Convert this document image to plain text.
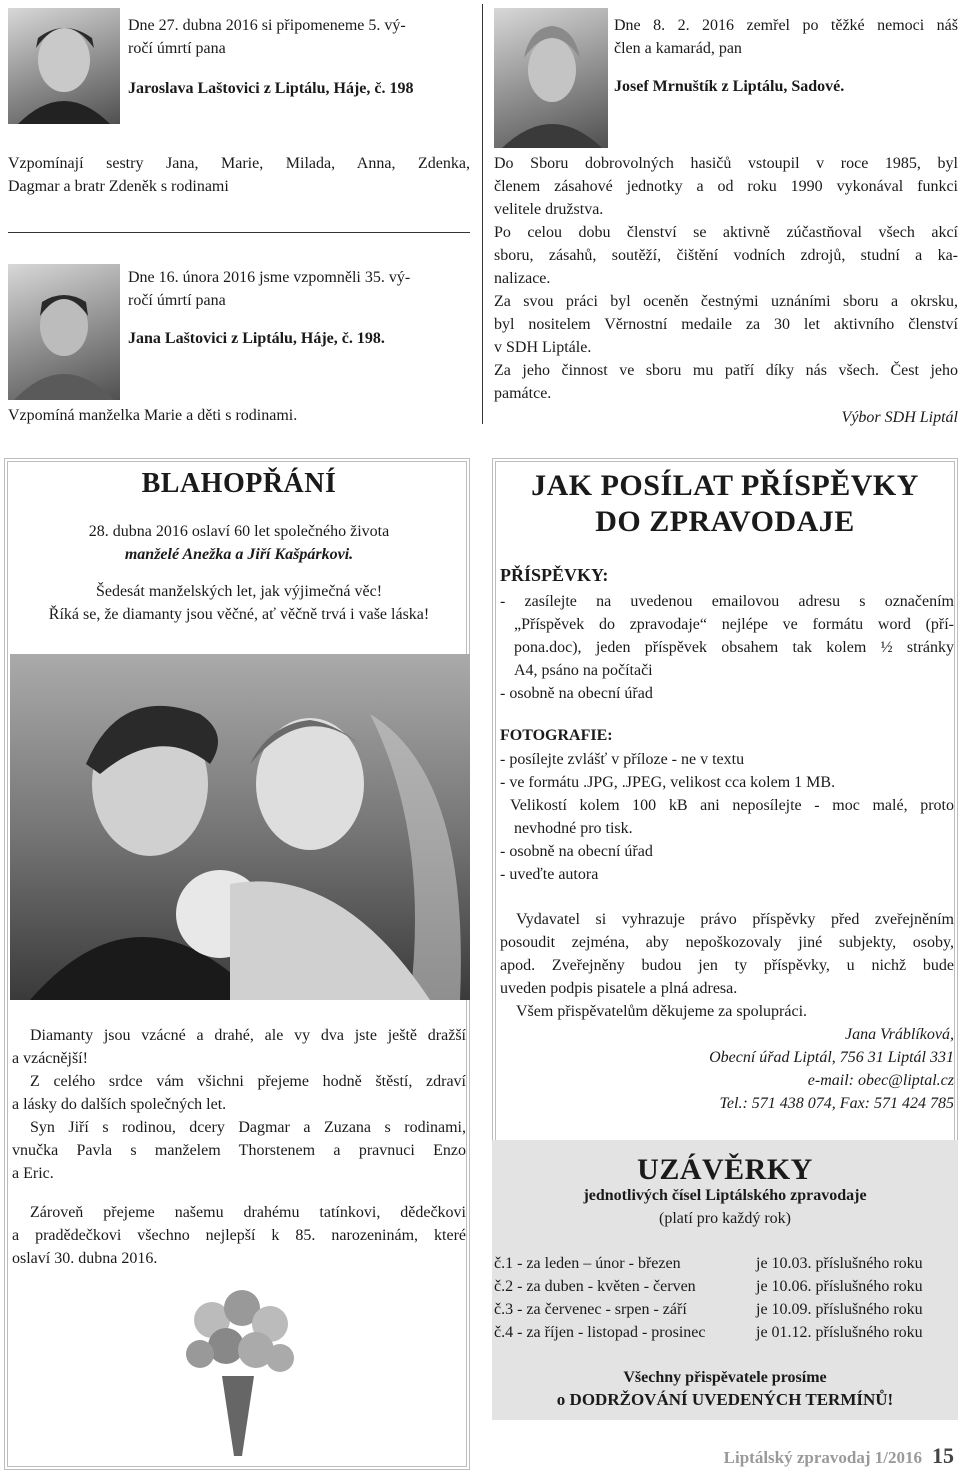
Dne 27. dubna 2016 si připomeneme 5. vý-
ročí úmrtí pana
Jaroslava Laštovici z Liptálu, Háje, č. 198
Vzpomínají sestry Jana, Marie, Milada, Anna, Zdenka,
Dagmar a bratr Zdeněk s rodinami
Dne 16. února 2016 jsme vzpomněli 35. vý-
ročí úmrtí pana
Jana Laštovici z Liptálu, Háje, č. 198.
Vzpomíná manželka Marie a děti s rodinami.
Dne 8. 2. 2016 zemřel po těžké nemoci náš
člen a kamarád, pan
Josef Mrnuštík z Liptálu, Sadové.
Do Sboru dobrovolných hasičů vstoupil v roce 1985, byl
členem zásahové jednotky a od roku 1990 vykonával funkci
velitele družstva.
Po celou dobu členství se aktivně zúčastňoval všech akcí
sboru, zásahů, soutěží, čištění vodních zdrojů, studní a ka-
nalizace.
Za svou práci byl oceněn čestnými uznáními sboru a okrsku,
byl nositelem Věrnostní medaile za 30 let aktivního členství
v SDH Liptále.
Za jeho činnost ve sboru mu patří díky nás všech. Čest jeho
památce.
Výbor SDH Liptál
BLAHOPŘÁNÍ
28. dubna 2016 oslaví 60 let společného života
manželé Anežka a Jiří Kašpárkovi.
Šedesát manželských let, jak výjimečná věc!
Říká se, že diamanty jsou věčné, ať věčně trvá i vaše láska!
Diamanty jsou vzácné a drahé, ale vy dva jste ještě dražší
a vzácnější!
Z celého srdce vám všichni přejeme hodně štěstí, zdraví
a lásky do dalších společných let.
Syn Jiří s rodinou, dcery Dagmar a Zuzana s rodinami,
vnučka Pavla s manželem Thorstenem a pravnuci Enzo
a Eric.
Zároveň přejeme našemu drahému tatínkovi, dědečkovi
a pradědečkovi všechno nejlepší k 85. narozeninám, které
oslaví 30. dubna 2016.
JAK POSÍLAT PŘÍSPĚVKY
DO ZPRAVODAJE
PŘÍSPĚVKY:
- zasílejte na uvedenou emailovou adresu s označením
„Příspěvek do zpravodaje“ nejlépe ve formátu word (pří-
pona.doc), jeden příspěvek obsahem tak kolem ½ stránky
A4, psáno na počítači
- osobně na obecní úřad
FOTOGRAFIE:
- posílejte zvlášť v příloze - ne v textu
- ve formátu .JPG, .JPEG, velikost cca kolem 1 MB.
Velikostí kolem 100 kB ani neposílejte - moc malé, proto
nevhodné pro tisk.
- osobně na obecní úřad
- uveďte autora
Vydavatel si vyhrazuje právo příspěvky před zveřejněním
posoudit zejména, aby nepoškozovaly jiné subjekty, osoby,
apod. Zveřejněny budou jen ty příspěvky, u nichž bude
uveden podpis pisatele a plná adresa.
Všem přispěvatelům děkujeme za spolupráci.
Jana Vráblíková,
Obecní úřad Liptál, 756 31 Liptál 331
e-mail: obec@liptal.cz
Tel.: 571 438 074, Fax: 571 424 785
UZÁVĚRKY
jednotlivých čísel Liptálského zpravodaje
(platí pro každý rok)
č.1 - za leden – únor - březen	je 10.03. příslušného roku
č.2 - za duben - květen - červen	je 10.06. příslušného roku
č.3 - za červenec - srpen - září	je 10.09. příslušného roku
č.4 - za říjen - listopad - prosinec	je 01.12. příslušného roku
Všechny přispěvatele prosíme
o DODRŽOVÁNÍ UVEDENÝCH TERMÍNŮ!
Liptálský zpravodaj 1/2016 15
